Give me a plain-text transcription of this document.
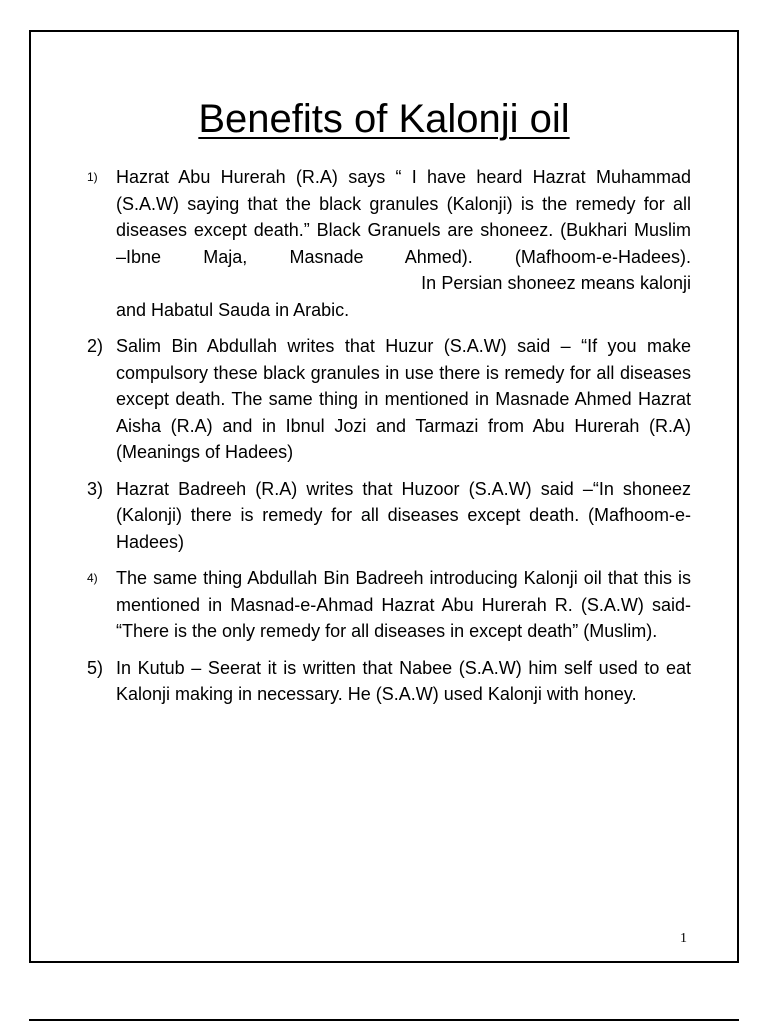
Benefits of Kalonji oil
1) Hazrat Abu Hurerah (R.A) says “ I have heard Hazrat Muhammad (S.A.W) saying that the black granules (Kalonji) is the remedy for all diseases except death.” Black Granuels are shoneez. (Bukhari Muslim –Ibne Maja, Masnade Ahmed). (Mafhoom-e-Hadees).  In Persian shoneez means kalonji and Habatul Sauda in Arabic.
2) Salim Bin Abdullah writes that Huzur (S.A.W) said – “If you make compulsory these black granules in use there is remedy for all diseases except death. The same thing in mentioned in Masnade Ahmed Hazrat Aisha (R.A) and in Ibnul Jozi and Tarmazi from Abu Hurerah (R.A) (Meanings of Hadees)
3) Hazrat Badreeh (R.A) writes that Huzoor (S.A.W) said –“In shoneez (Kalonji) there is remedy for all diseases except death. (Mafhoom-e-Hadees)
4) The same thing Abdullah Bin Badreeh introducing Kalonji oil that this is mentioned in Masnad-e-Ahmad Hazrat Abu Hurerah R. (S.A.W) said- “There is the only remedy for all diseases in except death” (Muslim).
5) In Kutub – Seerat it is written that Nabee (S.A.W) him self used to eat Kalonji making in necessary. He (S.A.W) used Kalonji with honey.
1
